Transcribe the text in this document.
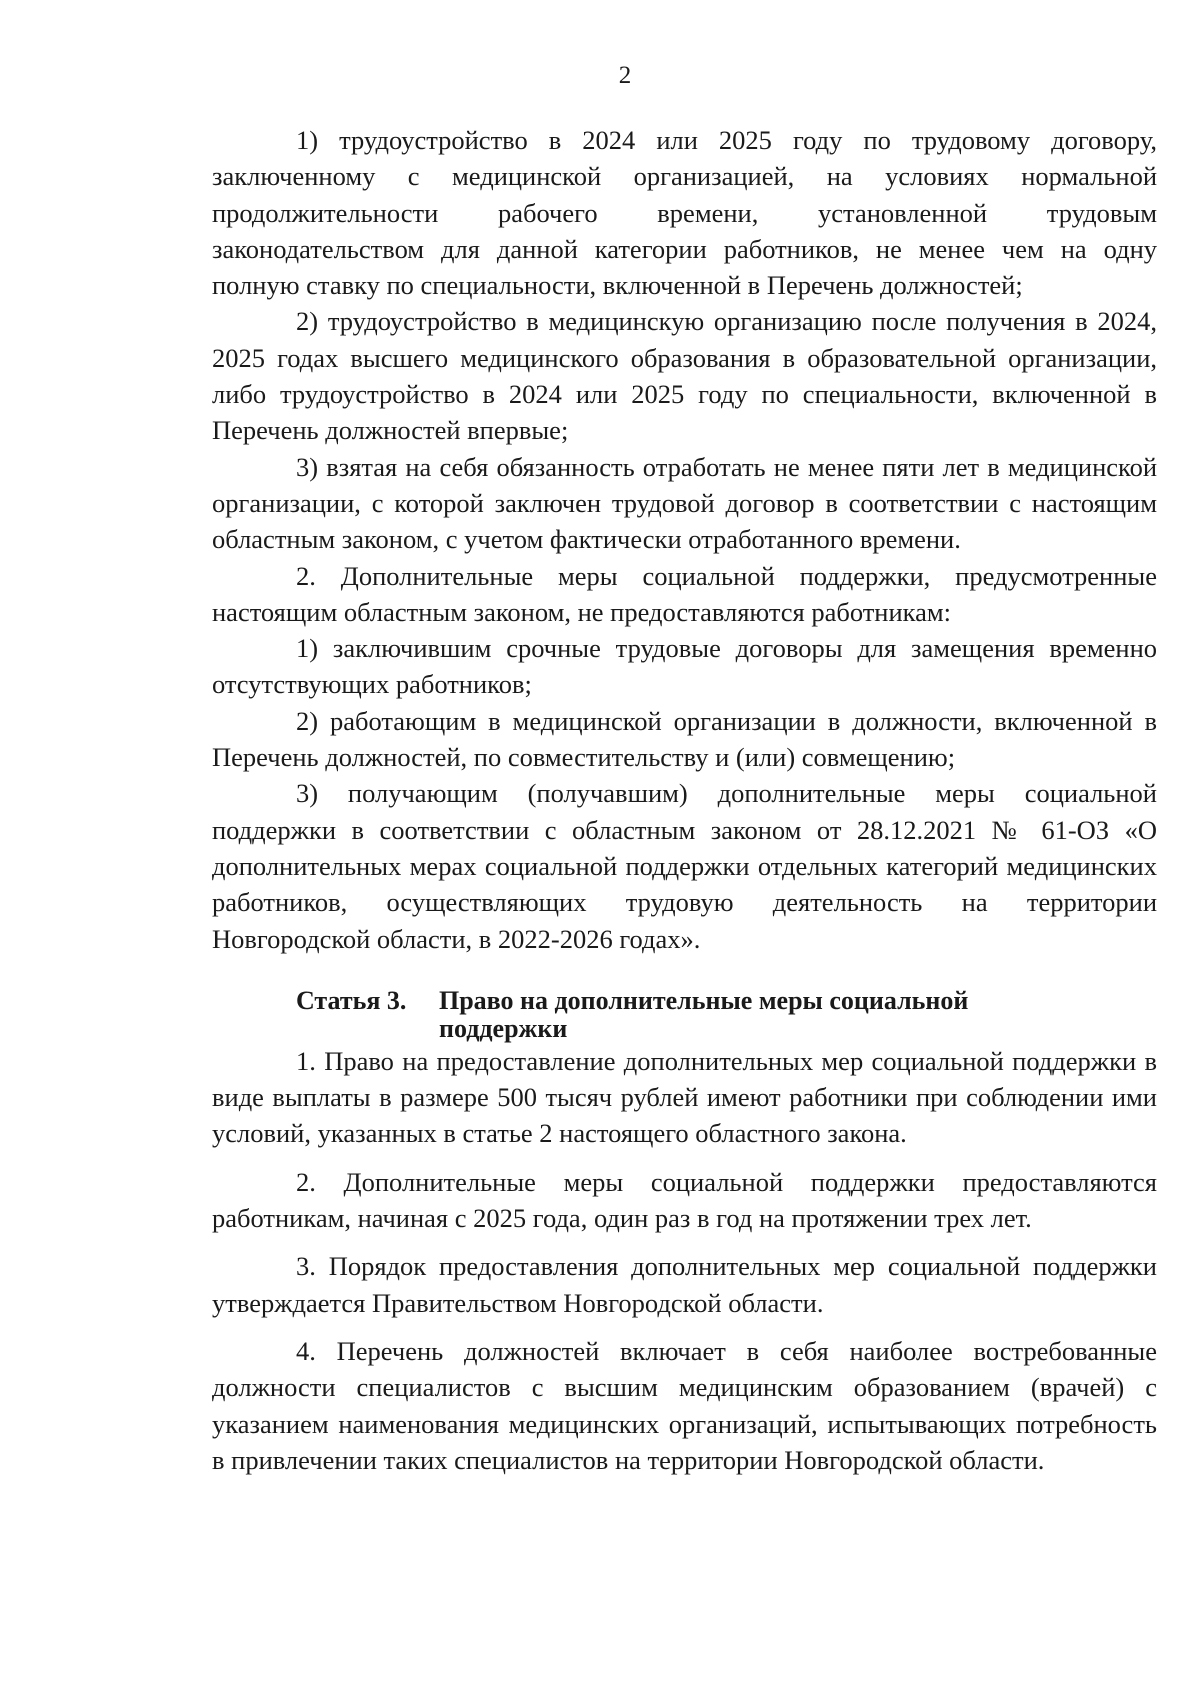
2

1) трудоустройство в 2024 или 2025 году по трудовому договору, заключенному с медицинской организацией, на условиях нормальной продолжительности рабочего времени, установленной трудовым законодательством для данной категории работников, не менее чем на одну полную ставку по специальности, включенной в Перечень должностей;

2) трудоустройство в медицинскую организацию после получения в 2024, 2025 годах высшего медицинского образования в образовательной организации, либо трудоустройство в 2024 или 2025 году по специальности, включенной в Перечень должностей впервые;

3) взятая на себя обязанность отработать не менее пяти лет в медицинской организации, с которой заключен трудовой договор в соответствии с настоящим областным законом, с учетом фактически отработанного времени.

2. Дополнительные меры социальной поддержки, предусмотренные настоящим областным законом, не предоставляются работникам:

1) заключившим срочные трудовые договоры для замещения временно отсутствующих работников;

2) работающим в медицинской организации в должности, включенной в Перечень должностей, по совместительству и (или) совмещению;

3) получающим (получавшим) дополнительные меры социальной поддержки в соответствии с областным законом от 28.12.2021 № 61-ОЗ «О дополнительных мерах социальной поддержки отдельных категорий медицинских работников, осуществляющих трудовую деятельность на территории Новгородской области, в 2022-2026 годах».

Статья 3. Право на дополнительные меры социальной поддержки

1. Право на предоставление дополнительных мер социальной поддержки в виде выплаты в размере 500 тысяч рублей имеют работники при соблюдении ими условий, указанных в статье 2 настоящего областного закона.

2. Дополнительные меры социальной поддержки предоставляются работникам, начиная с 2025 года, один раз в год на протяжении трех лет.

3. Порядок предоставления дополнительных мер социальной поддержки утверждается Правительством Новгородской области.

4. Перечень должностей включает в себя наиболее востребованные должности специалистов с высшим медицинским образованием (врачей) с указанием наименования медицинских организаций, испытывающих потребность в привлечении таких специалистов на территории Новгородской области.
